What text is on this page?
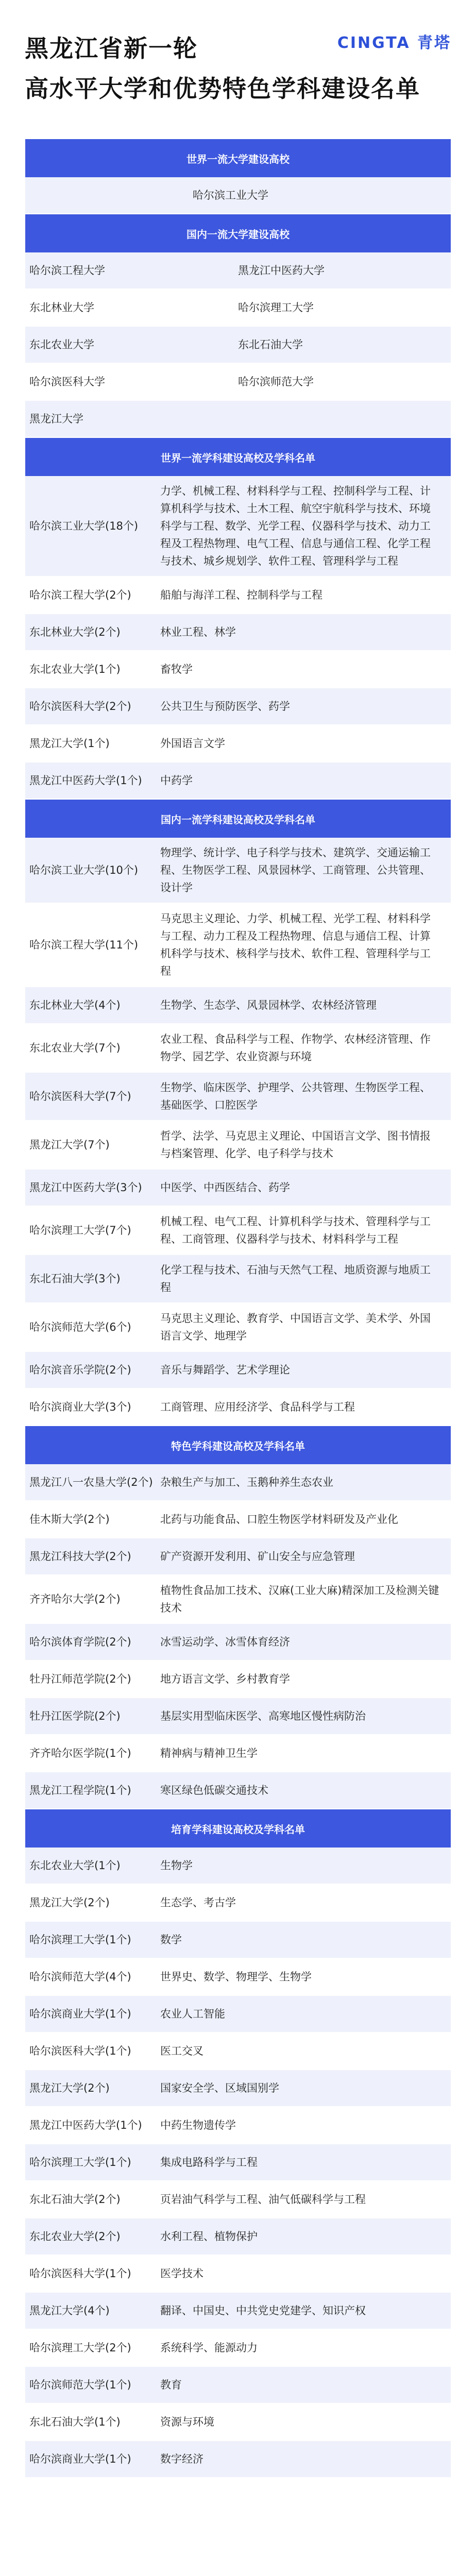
黑龙江省新一轮
高水平大学和优势特色学科建设名单
CINGTA 青塔
世界一流大学建设高校
哈尔滨工业大学
国内一流大学建设高校
哈尔滨工程大学	黑龙江中医药大学
东北林业大学	哈尔滨理工大学
东北农业大学	东北石油大学
哈尔滨医科大学	哈尔滨师范大学
黑龙江大学
世界一流学科建设高校及学科名单
哈尔滨工业大学(18个)
力学、机械工程、材料科学与工程、控制科学与工程、计算机科学与技术、土木工程、航空宇航科学与技术、环境科学与工程、数学、光学工程、仪器科学与技术、动力工程及工程热物理、电气工程、信息与通信工程、化学工程与技术、城乡规划学、软件工程、管理科学与工程
哈尔滨工程大学(2个)	船舶与海洋工程、控制科学与工程
东北林业大学(2个)	林业工程、林学
东北农业大学(1个)	畜牧学
哈尔滨医科大学(2个)	公共卫生与预防医学、药学
黑龙江大学(1个)	外国语言文学
黑龙江中医药大学(1个)	中药学
国内一流学科建设高校及学科名单
哈尔滨工业大学(10个)
物理学、统计学、电子科学与技术、建筑学、交通运输工程、生物医学工程、风景园林学、工商管理、公共管理、设计学
哈尔滨工程大学(11个)
马克思主义理论、力学、机械工程、光学工程、材料科学与工程、动力工程及工程热物理、信息与通信工程、计算机科学与技术、核科学与技术、软件工程、管理科学与工程
东北林业大学(4个)	生物学、生态学、风景园林学、农林经济管理
东北农业大学(7个)
农业工程、食品科学与工程、作物学、农林经济管理、作物学、园艺学、农业资源与环境
哈尔滨医科大学(7个)
生物学、临床医学、护理学、公共管理、生物医学工程、基础医学、口腔医学
黑龙江大学(7个)
哲学、法学、马克思主义理论、中国语言文学、图书情报与档案管理、化学、电子科学与技术
黑龙江中医药大学(3个)	中医学、中西医结合、药学
哈尔滨理工大学(7个)
机械工程、电气工程、计算机科学与技术、管理科学与工程、工商管理、仪器科学与技术、材料科学与工程
东北石油大学(3个)
化学工程与技术、石油与天然气工程、地质资源与地质工程
哈尔滨师范大学(6个)
马克思主义理论、教育学、中国语言文学、美术学、外国语言文学、地理学
哈尔滨音乐学院(2个)	音乐与舞蹈学、艺术学理论
哈尔滨商业大学(3个)	工商管理、应用经济学、食品科学与工程
特色学科建设高校及学科名单
黑龙江八一农垦大学(2个) 杂粮生产与加工、玉鹅种养生态农业
佳木斯大学(2个)	北药与功能食品、口腔生物医学材料研发及产业化
黑龙江科技大学(2个)	矿产资源开发利用、矿山安全与应急管理
齐齐哈尔大学(2个)
植物性食品加工技术、汉麻(工业大麻)精深加工及检测关键技术
哈尔滨体育学院(2个)	冰雪运动学、冰雪体育经济
牡丹江师范学院(2个)	地方语言文学、乡村教育学
牡丹江医学院(2个)	基层实用型临床医学、高寒地区慢性病防治
齐齐哈尔医学院(1个)	精神病与精神卫生学
黑龙江工程学院(1个)	寒区绿色低碳交通技术
培育学科建设高校及学科名单
东北农业大学(1个)	生物学
黑龙江大学(2个)	生态学、考古学
哈尔滨理工大学(1个)	数学
哈尔滨师范大学(4个)	世界史、数学、物理学、生物学
哈尔滨商业大学(1个)	农业人工智能
哈尔滨医科大学(1个)	医工交叉
黑龙江大学(2个)	国家安全学、区域国别学
黑龙江中医药大学(1个)	中药生物遗传学
哈尔滨理工大学(1个)	集成电路科学与工程
东北石油大学(2个)	页岩油气科学与工程、油气低碳科学与工程
东北农业大学(2个)	水利工程、植物保护
哈尔滨医科大学(1个)	医学技术
黑龙江大学(4个)	翻译、中国史、中共党史党建学、知识产权
哈尔滨理工大学(2个)	系统科学、能源动力
哈尔滨师范大学(1个)	教育
东北石油大学(1个)	资源与环境
哈尔滨商业大学(1个)	数字经济
